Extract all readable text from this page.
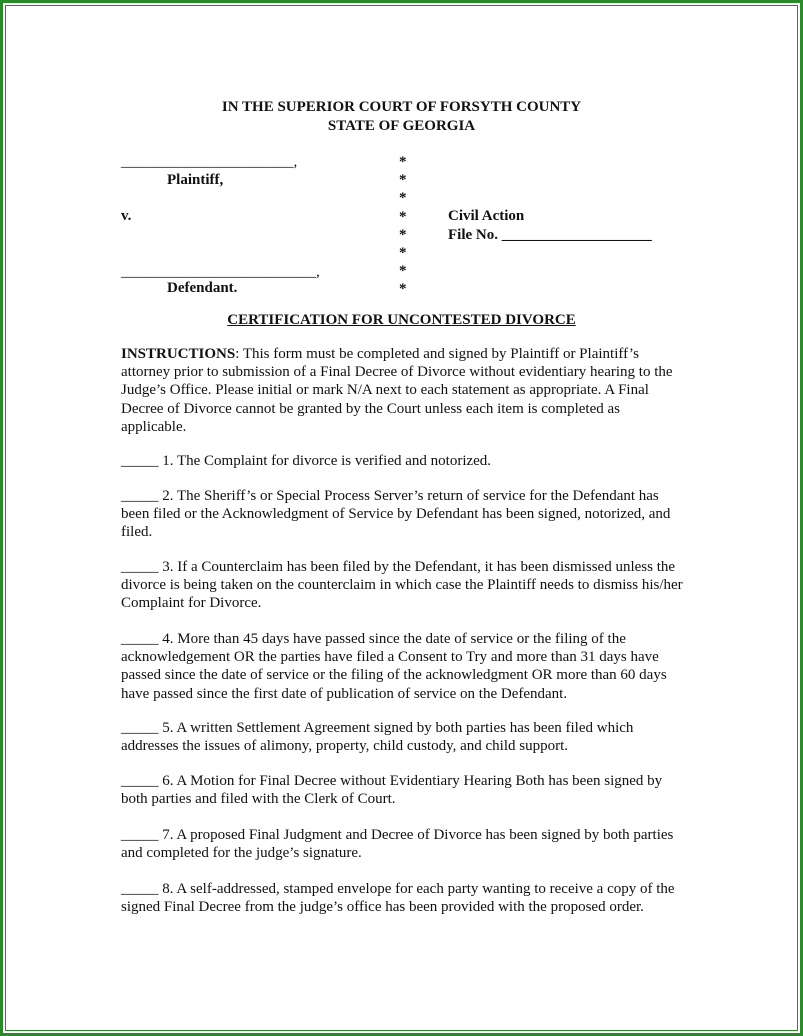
IN THE SUPERIOR COURT OF FORSYTH COUNTY
STATE OF GEORGIA
_______________________,
Plaintiff,
v.
__________________________,
Defendant.
*
*
*
*
*
*
*
*
Civil Action
File No. ____________________
CERTIFICATION FOR UNCONTESTED DIVORCE
INSTRUCTIONS: This form must be completed and signed by Plaintiff or Plaintiff’s attorney prior to submission of a Final Decree of Divorce without evidentiary hearing to the Judge’s Office. Please initial or mark N/A next to each statement as appropriate. A Final Decree of Divorce cannot be granted by the Court unless each item is completed as applicable.
_____ 1. The Complaint for divorce is verified and notorized.
_____ 2. The Sheriff’s or Special Process Server’s return of service for the Defendant has been filed or the Acknowledgment of Service by Defendant has been signed, notorized, and filed.
_____ 3. If a Counterclaim has been filed by the Defendant, it has been dismissed unless the divorce is being taken on the counterclaim in which case the Plaintiff needs to dismiss his/her Complaint for Divorce.
_____ 4. More than 45 days have passed since the date of service or the filing of the acknowledgement OR the parties have filed a Consent to Try and more than 31 days have passed since the date of service or the filing of the acknowledgment OR more than 60 days have passed since the first date of publication of service on the Defendant.
_____ 5. A written Settlement Agreement signed by both parties has been filed which addresses the issues of alimony, property, child custody, and child support.
_____ 6. A Motion for Final Decree without Evidentiary Hearing Both has been signed by both parties and filed with the Clerk of Court.
_____ 7. A proposed Final Judgment and Decree of Divorce has been signed by both parties and completed for the judge’s signature.
_____ 8. A self-addressed, stamped envelope for each party wanting to receive a copy of the signed Final Decree from the judge’s office has been provided with the proposed order.
